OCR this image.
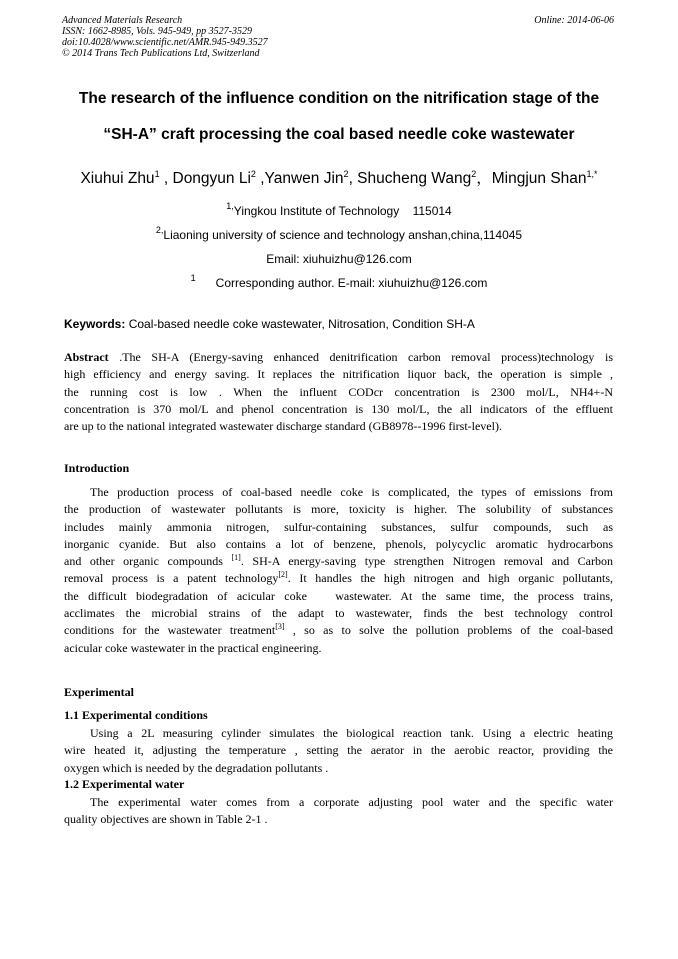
Advanced Materials Research
ISSN: 1662-8985, Vols. 945-949, pp 3527-3529
doi:10.4028/www.scientific.net/AMR.945-949.3527
© 2014 Trans Tech Publications Ltd, Switzerland
Online: 2014-06-06
The research of the influence condition on the nitrification stage of the
“SH-A” craft processing the coal based needle coke wastewater
Xiuhui Zhu$^1$ , Dongyun Li$^2$ ,Yanwen Jin$^2$, Shucheng Wang$^2$，Mingjun Shan$^{1,*}$
$^{1,}$Yingkou Institute of Technology    115014
$^{2,}$Liaoning university of science and technology anshan,china,114045
Email: xiuhuizhu@126.com
$^1$ Corresponding author. E-mail: xiuhuizhu@126.com
Keywords: Coal-based needle coke wastewater, Nitrosation, Condition SH-A
Abstract .The SH-A (Energy-saving enhanced denitrification carbon removal process)technology is
high efficiency and energy saving. It replaces the nitrification liquor back, the operation is simple ,
the running cost is low . When the influent CODcr concentration is 2300 mol/L, NH4+-N
concentration is 370 mol/L and phenol concentration is 130 mol/L, the all indicators of the effluent
are up to the national integrated wastewater discharge standard (GB8978--1996 first-level).
Introduction
The production process of coal-based needle coke is complicated, the types of emissions from
the production of wastewater pollutants is more, toxicity is higher. The solubility of substances
includes mainly ammonia nitrogen, sulfur-containing substances, sulfur compounds, such as
inorganic cyanide. But also contains a lot of benzene, phenols, polycyclic aromatic hydrocarbons
and other organic compounds [1]. SH-A energy-saving type strengthen Nitrogen removal and Carbon
removal process is a patent technology[2]. It handles the high nitrogen and high organic pollutants,
the difficult biodegradation of acicular coke   wastewater. At the same time, the process trains,
acclimates the microbial strains of the adapt to wastewater, finds the best technology control
conditions for the wastewater treatment[3] , so as to solve the pollution problems of the coal-based
acicular coke wastewater in the practical engineering.
Experimental
1.1 Experimental conditions
Using a 2L measuring cylinder simulates the biological reaction tank. Using a electric heating
wire heated it, adjusting the temperature , setting the aerator in the aerobic reactor, providing the
oxygen which is needed by the degradation pollutants .
1.2 Experimental water
The experimental water comes from a corporate adjusting pool water and the specific water
quality objectives are shown in Table 2-1 .
